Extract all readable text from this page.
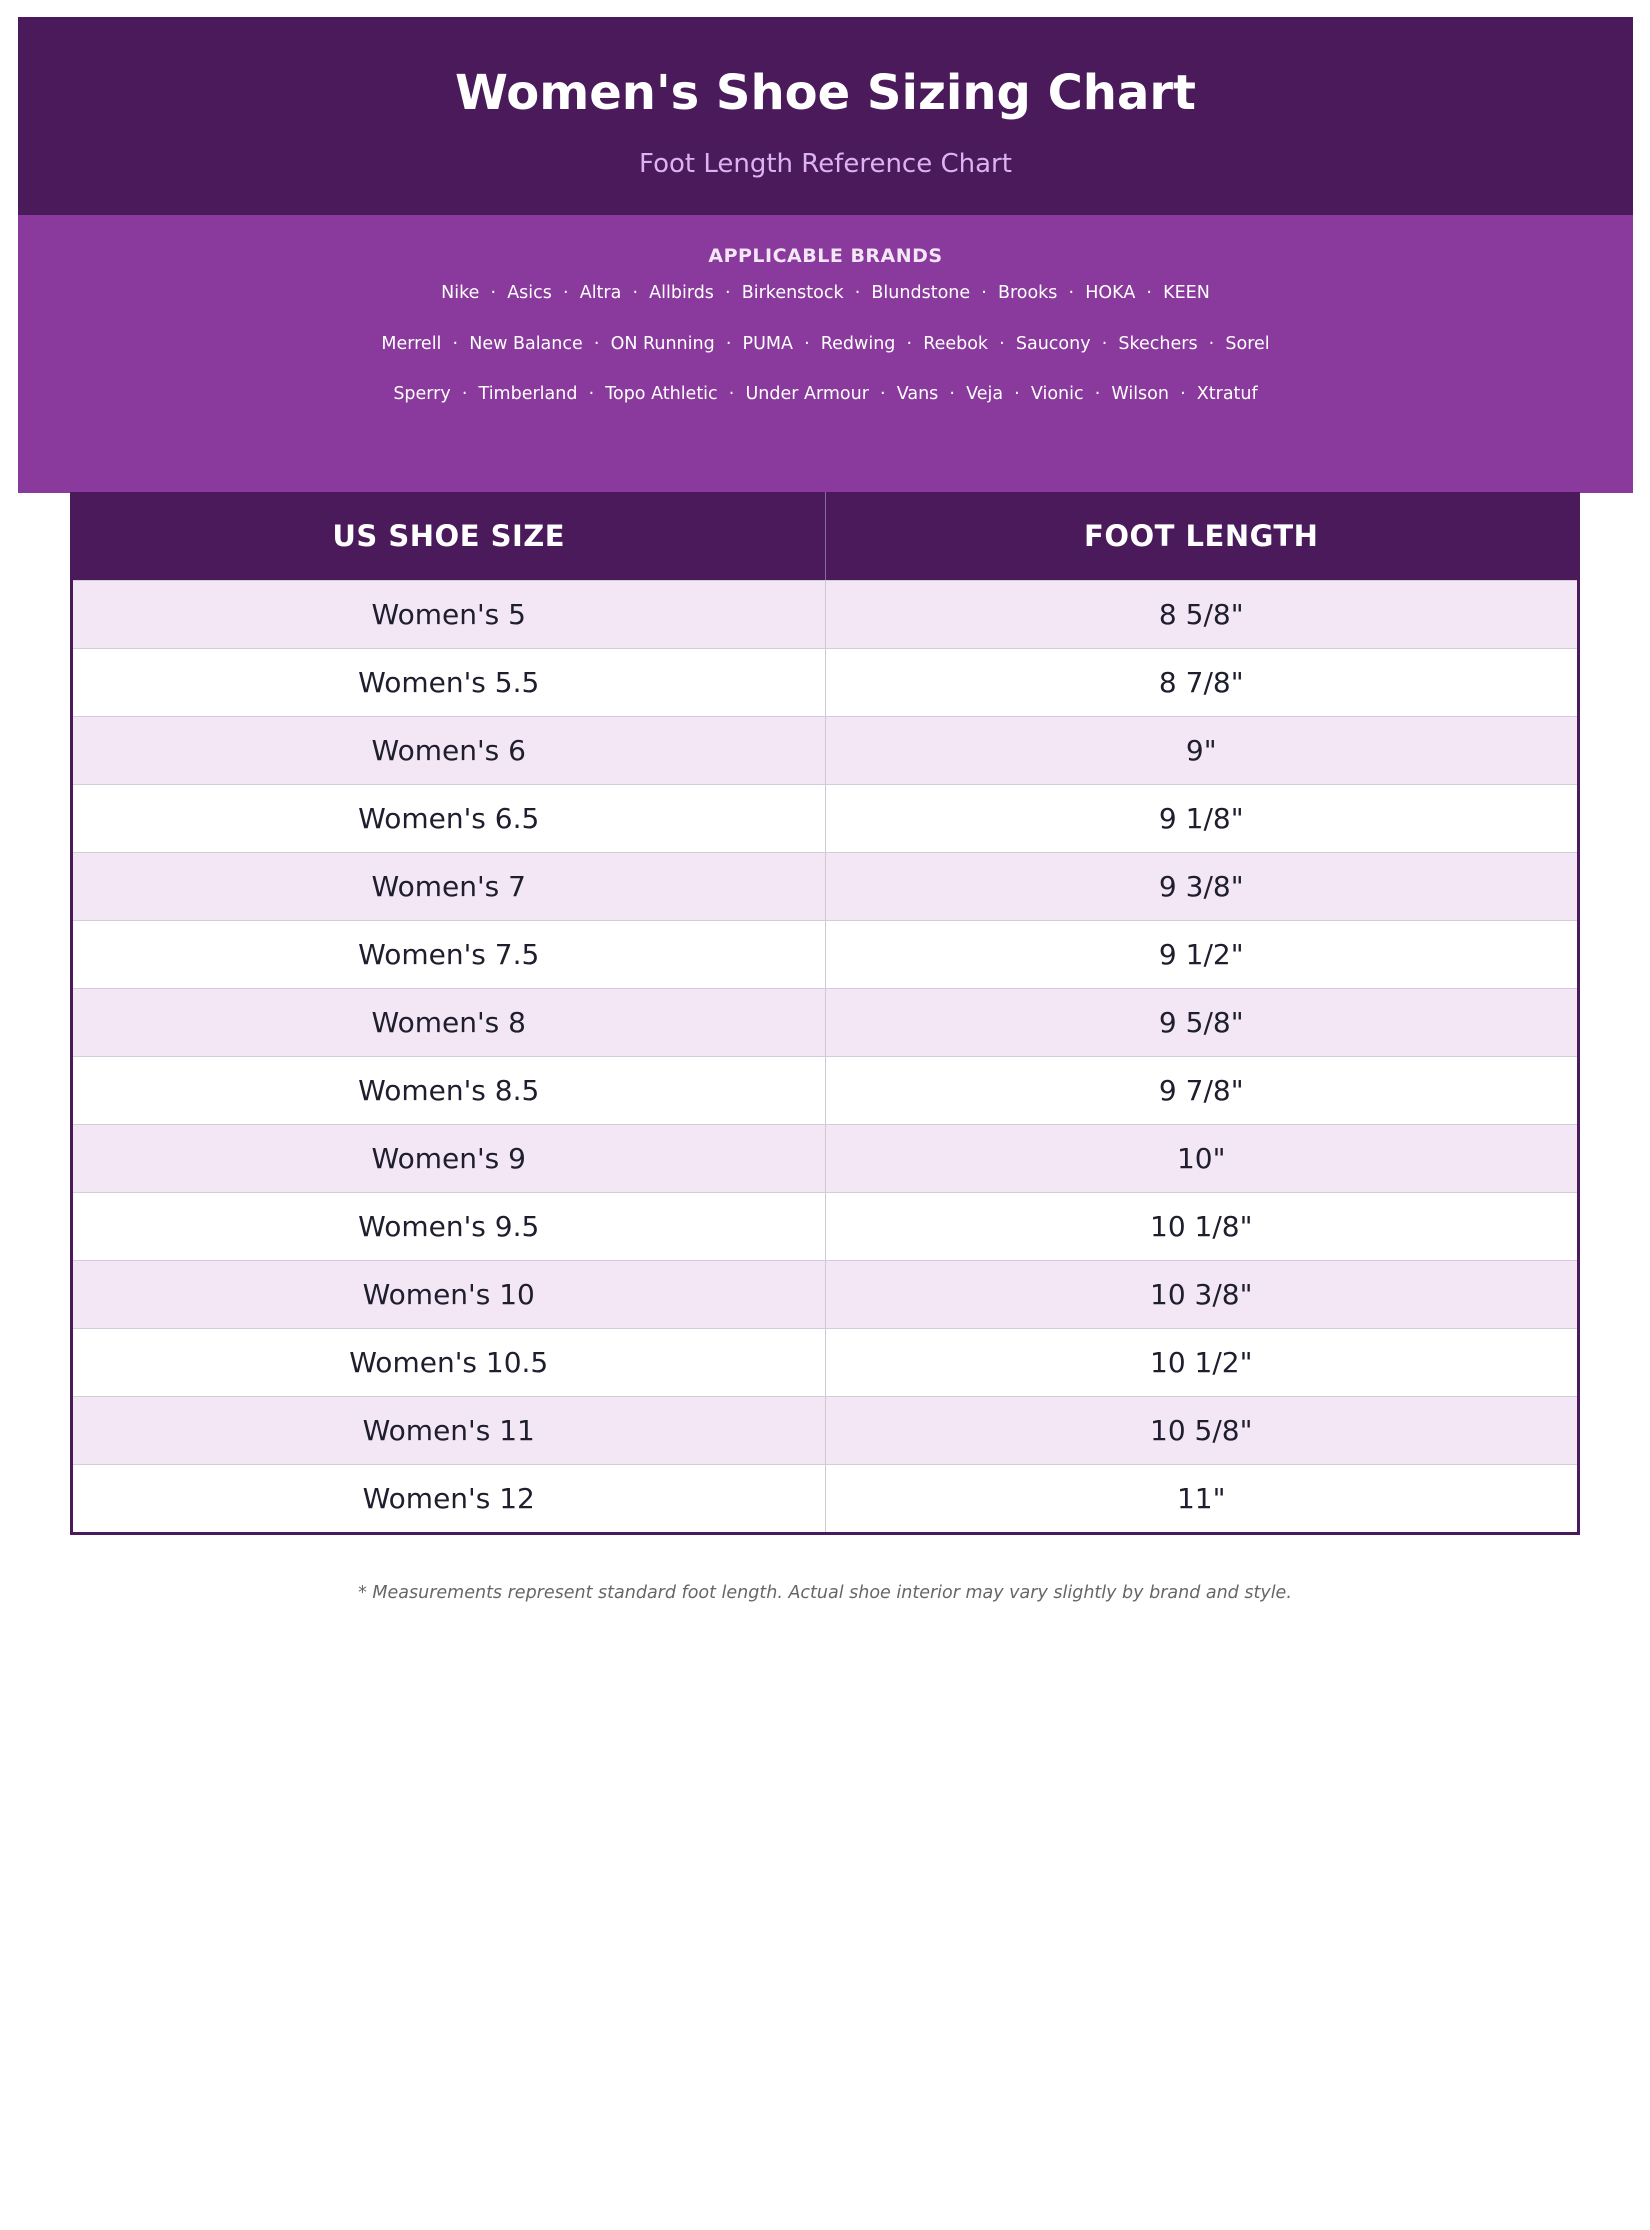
Women's Shoe Sizing Chart
Foot Length Reference Chart
APPLICABLE BRANDS
Nike  ·  Asics  ·  Altra  ·  Allbirds  ·  Birkenstock  ·  Blundstone  ·  Brooks  ·  HOKA  ·  KEEN
Merrell  ·  New Balance  ·  ON Running  ·  PUMA  ·  Redwing  ·  Reebok  ·  Saucony  ·  Skechers  ·  Sorel
Sperry  ·  Timberland  ·  Topo Athletic  ·  Under Armour  ·  Vans  ·  Veja  ·  Vionic  ·  Wilson  ·  Xtratuf
US SHOE SIZE	FOOT LENGTH
Women's 5	8 5/8"
Women's 5.5	8 7/8"
Women's 6	9"
Women's 6.5	9 1/8"
Women's 7	9 3/8"
Women's 7.5	9 1/2"
Women's 8	9 5/8"
Women's 8.5	9 7/8"
Women's 9	10"
Women's 9.5	10 1/8"
Women's 10	10 3/8"
Women's 10.5	10 1/2"
Women's 11	10 5/8"
Women's 12	11"
* Measurements represent standard foot length. Actual shoe interior may vary slightly by brand and style.
